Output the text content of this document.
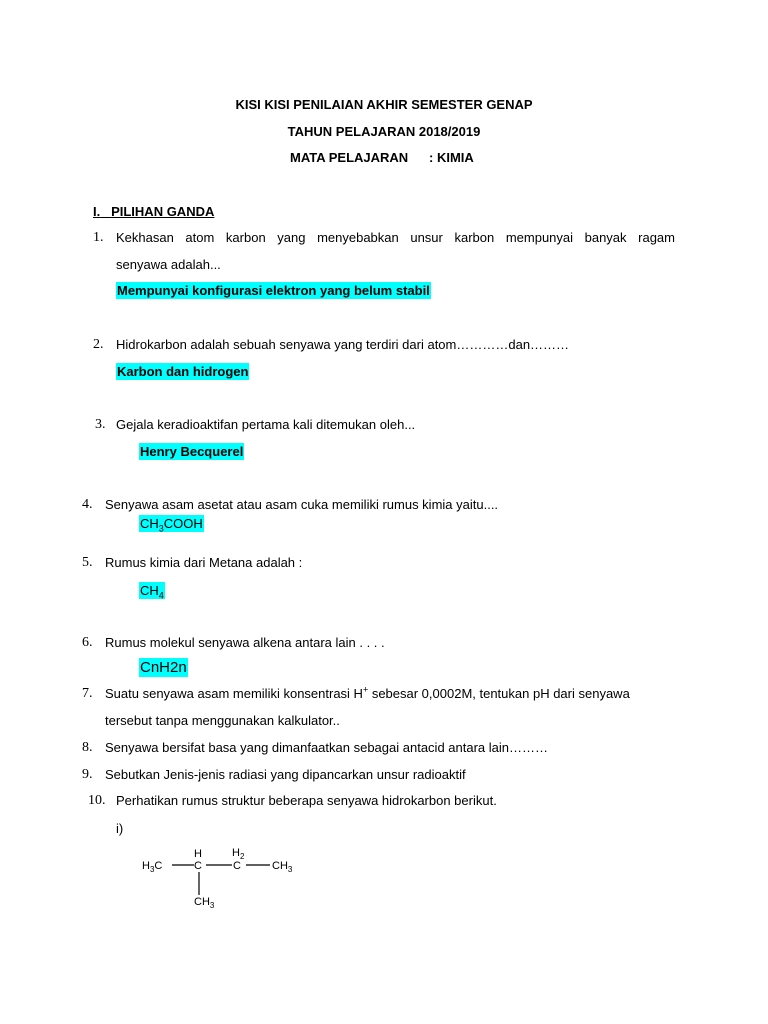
KISI KISI PENILAIAN AKHIR SEMESTER GENAP
TAHUN PELAJARAN 2018/2019
MATA PELAJARAN : KIMIA
I. PILIHAN GANDA
1. Kekhasan atom karbon yang menyebabkan unsur karbon mempunyai banyak ragam
senyawa adalah...
Mempunyai konfigurasi elektron yang belum stabil
2. Hidrokarbon adalah sebuah senyawa yang terdiri dari atom…………dan………
Karbon dan hidrogen
3. Gejala keradioaktifan pertama kali ditemukan oleh...
Henry Becquerel
4. Senyawa asam asetat atau asam cuka memiliki rumus kimia yaitu....
$CH_3COOH$
5. Rumus kimia dari Metana adalah :
$CH_4$
6. Rumus molekul senyawa alkena antara lain . . . .
CnH2n
7. Suatu senyawa asam memiliki konsentrasi H+ sebesar 0,0002M, tentukan pH dari senyawa
tersebut tanpa menggunakan kalkulator..
8. Senyawa bersifat basa yang dimanfaatkan sebagai antacid antara lain………
9. Sebutkan Jenis-jenis radiasi yang dipancarkan unsur radioaktif
10. Perhatikan rumus struktur beberapa senyawa hidrokarbon berikut.
i)
$H_3C$
H
C
$H_2$
C	$CH_3$
$CH_3$
